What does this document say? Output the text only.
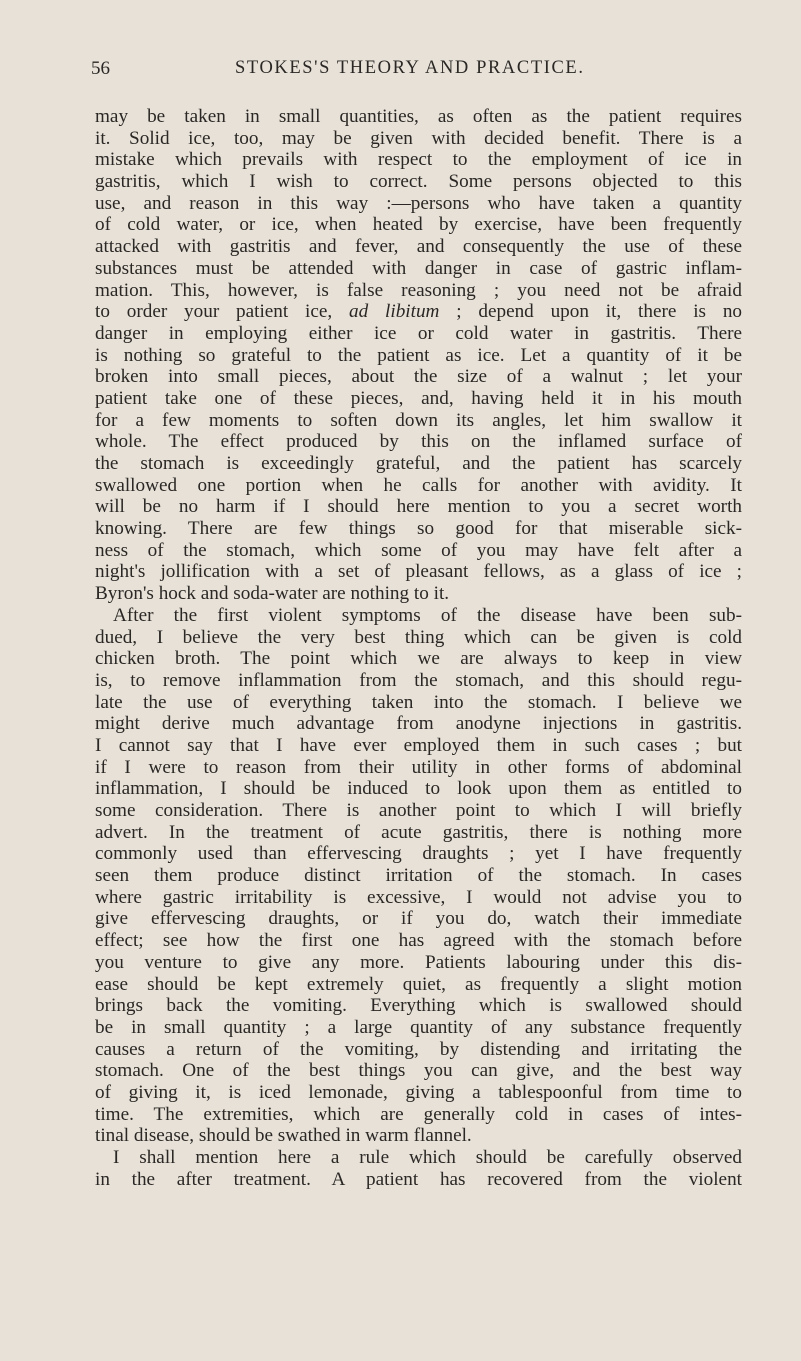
56	STOKES'S THEORY AND PRACTICE.
may be taken in small quantities, as often as the patient requires
it. Solid ice, too, may be given with decided benefit. There is a
mistake which prevails with respect to the employment of ice in
gastritis, which I wish to correct. Some persons objected to this
use, and reason in this way :—persons who have taken a quantity
of cold water, or ice, when heated by exercise, have been frequently
attacked with gastritis and fever, and consequently the use of these
substances must be attended with danger in case of gastric inflam-
mation. This, however, is false reasoning ; you need not be afraid
to order your patient ice, ad libitum ; depend upon it, there is no
danger in employing either ice or cold water in gastritis. There
is nothing so grateful to the patient as ice. Let a quantity of it be
broken into small pieces, about the size of a walnut ; let your
patient take one of these pieces, and, having held it in his mouth
for a few moments to soften down its angles, let him swallow it
whole. The effect produced by this on the inflamed surface of
the stomach is exceedingly grateful, and the patient has scarcely
swallowed one portion when he calls for another with avidity. It
will be no harm if I should here mention to you a secret worth
knowing. There are few things so good for that miserable sick-
ness of the stomach, which some of you may have felt after a
night's jollification with a set of pleasant fellows, as a glass of ice ;
Byron's hock and soda-water are nothing to it.
After the first violent symptoms of the disease have been sub-
dued, I believe the very best thing which can be given is cold
chicken broth. The point which we are always to keep in view
is, to remove inflammation from the stomach, and this should regu-
late the use of everything taken into the stomach. I believe we
might derive much advantage from anodyne injections in gastritis.
I cannot say that I have ever employed them in such cases ; but
if I were to reason from their utility in other forms of abdominal
inflammation, I should be induced to look upon them as entitled to
some consideration. There is another point to which I will briefly
advert. In the treatment of acute gastritis, there is nothing more
commonly used than effervescing draughts ; yet I have frequently
seen them produce distinct irritation of the stomach. In cases
where gastric irritability is excessive, I would not advise you to
give effervescing draughts, or if you do, watch their immediate
effect; see how the first one has agreed with the stomach before
you venture to give any more. Patients labouring under this dis-
ease should be kept extremely quiet, as frequently a slight motion
brings back the vomiting. Everything which is swallowed should
be in small quantity ; a large quantity of any substance frequently
causes a return of the vomiting, by distending and irritating the
stomach. One of the best things you can give, and the best way
of giving it, is iced lemonade, giving a tablespoonful from time to
time. The extremities, which are generally cold in cases of intes-
tinal disease, should be swathed in warm flannel.
I shall mention here a rule which should be carefully observed
in the after treatment. A patient has recovered from the violent
